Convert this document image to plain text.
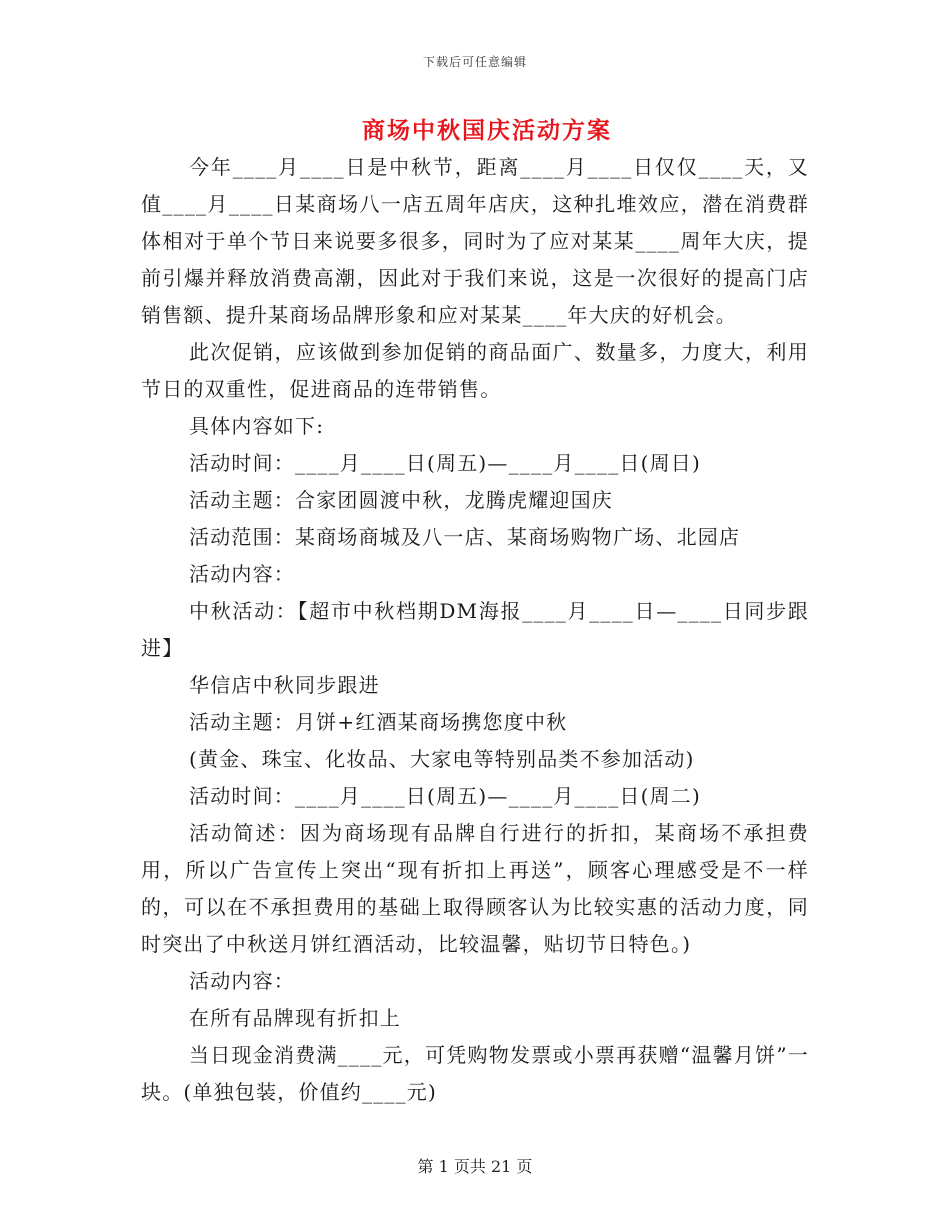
下载后可任意编辑
商场中秋国庆活动方案

今年____月____日是中秋节，距离____月____日仅仅____天，又值____月____日某商场八一店五周年店庆，这种扎堆效应，潜在消费群体相对于单个节日来说要多很多，同时为了应对某某____周年大庆，提前引爆并释放消费高潮，因此对于我们来说，这是一次很好的提高门店销售额、提升某商场品牌形象和应对某某____年大庆的好机会。

此次促销，应该做到参加促销的商品面广、数量多，力度大，利用节日的双重性，促进商品的连带销售。

具体内容如下:

活动时间：____月____日(周五)—____月____日(周日)

活动主题：合家团圆渡中秋，龙腾虎耀迎国庆

活动范围：某商场商城及八一店、某商场购物广场、北园店

活动内容：

中秋活动：【超市中秋档期DM海报____月____日—____日同步跟进】

华信店中秋同步跟进

活动主题：月饼+红酒某商场携您度中秋

(黄金、珠宝、化妆品、大家电等特别品类不参加活动)

活动时间：____月____日(周五)—____月____日(周二)

活动简述：因为商场现有品牌自行进行的折扣，某商场不承担费用，所以广告宣传上突出“现有折扣上再送”，顾客心理感受是不一样的，可以在不承担费用的基础上取得顾客认为比较实惠的活动力度，同时突出了中秋送月饼红酒活动，比较温馨，贴切节日特色。)

活动内容：

在所有品牌现有折扣上

当日现金消费满____元，可凭购物发票或小票再获赠“温馨月饼”一块。(单独包装，价值约____元)

第 1 页共 21 页
